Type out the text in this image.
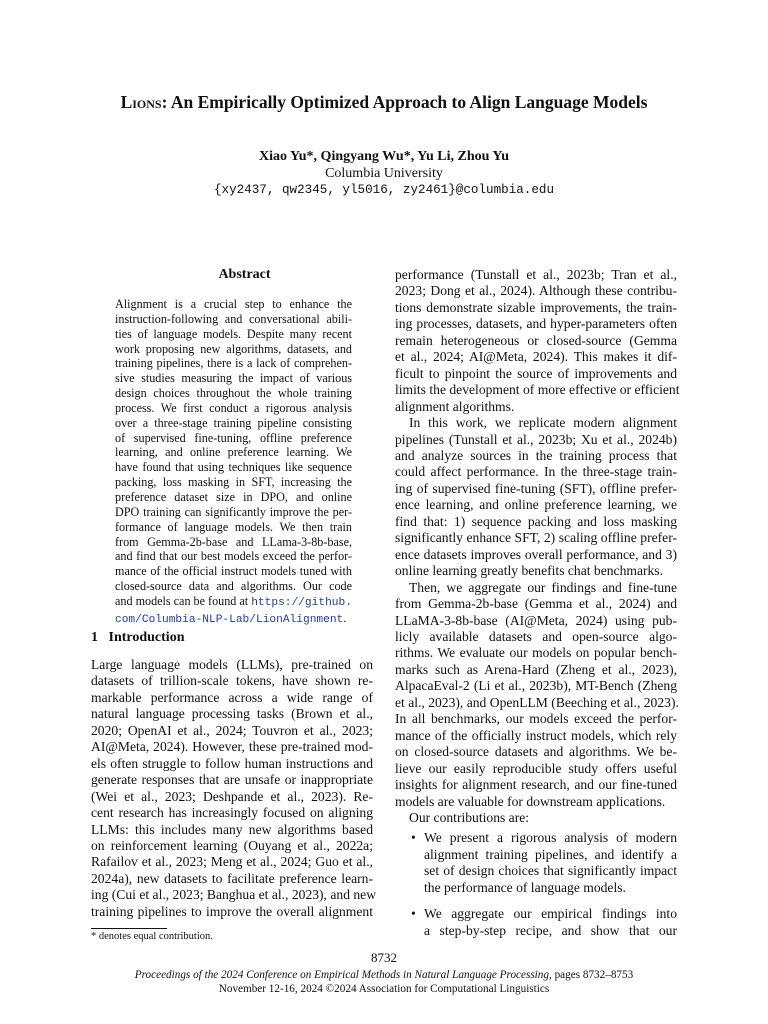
Lions: An Empirically Optimized Approach to Align Language Models
Xiao Yu*, Qingyang Wu*, Yu Li, Zhou Yu
Columbia University
{xy2437, qw2345, yl5016, zy2461}@columbia.edu
Abstract
Alignment is a crucial step to enhance the
instruction-following and conversational abili-
ties of language models. Despite many recent
work proposing new algorithms, datasets, and
training pipelines, there is a lack of comprehen-
sive studies measuring the impact of various
design choices throughout the whole training
process. We first conduct a rigorous analysis
over a three-stage training pipeline consisting
of supervised fine-tuning, offline preference
learning, and online preference learning. We
have found that using techniques like sequence
packing, loss masking in SFT, increasing the
preference dataset size in DPO, and online
DPO training can significantly improve the per-
formance of language models. We then train
from Gemma-2b-base and LLama-3-8b-base,
and find that our best models exceed the perfor-
mance of the official instruct models tuned with
closed-source data and algorithms. Our code
and models can be found at https://github.
com/Columbia-NLP-Lab/LionAlignment.
1 Introduction
Large language models (LLMs), pre-trained on
datasets of trillion-scale tokens, have shown re-
markable performance across a wide range of
natural language processing tasks (Brown et al.,
2020; OpenAI et al., 2024; Touvron et al., 2023;
AI@Meta, 2024). However, these pre-trained mod-
els often struggle to follow human instructions and
generate responses that are unsafe or inappropriate
(Wei et al., 2023; Deshpande et al., 2023). Re-
cent research has increasingly focused on aligning
LLMs: this includes many new algorithms based
on reinforcement learning (Ouyang et al., 2022a;
Rafailov et al., 2023; Meng et al., 2024; Guo et al.,
2024a), new datasets to facilitate preference learn-
ing (Cui et al., 2023; Banghua et al., 2023), and new
training pipelines to improve the overall alignment
performance (Tunstall et al., 2023b; Tran et al.,
2023; Dong et al., 2024). Although these contribu-
tions demonstrate sizable improvements, the train-
ing processes, datasets, and hyper-parameters often
remain heterogeneous or closed-source (Gemma
et al., 2024; AI@Meta, 2024). This makes it dif-
ficult to pinpoint the source of improvements and
limits the development of more effective or efficient
alignment algorithms.
In this work, we replicate modern alignment
pipelines (Tunstall et al., 2023b; Xu et al., 2024b)
and analyze sources in the training process that
could affect performance. In the three-stage train-
ing of supervised fine-tuning (SFT), offline prefer-
ence learning, and online preference learning, we
find that: 1) sequence packing and loss masking
significantly enhance SFT, 2) scaling offline prefer-
ence datasets improves overall performance, and 3)
online learning greatly benefits chat benchmarks.
Then, we aggregate our findings and fine-tune
from Gemma-2b-base (Gemma et al., 2024) and
LLaMA-3-8b-base (AI@Meta, 2024) using pub-
licly available datasets and open-source algo-
rithms. We evaluate our models on popular bench-
marks such as Arena-Hard (Zheng et al., 2023),
AlpacaEval-2 (Li et al., 2023b), MT-Bench (Zheng
et al., 2023), and OpenLLM (Beeching et al., 2023).
In all benchmarks, our models exceed the perfor-
mance of the officially instruct models, which rely
on closed-source datasets and algorithms. We be-
lieve our easily reproducible study offers useful
insights for alignment research, and our fine-tuned
models are valuable for downstream applications.
Our contributions are:
• We present a rigorous analysis of modern
alignment training pipelines, and identify a
set of design choices that significantly impact
the performance of language models.
• We aggregate our empirical findings into
a step-by-step recipe, and show that our
* denotes equal contribution.
8732
Proceedings of the 2024 Conference on Empirical Methods in Natural Language Processing, pages 8732–8753
November 12-16, 2024 ©2024 Association for Computational Linguistics
